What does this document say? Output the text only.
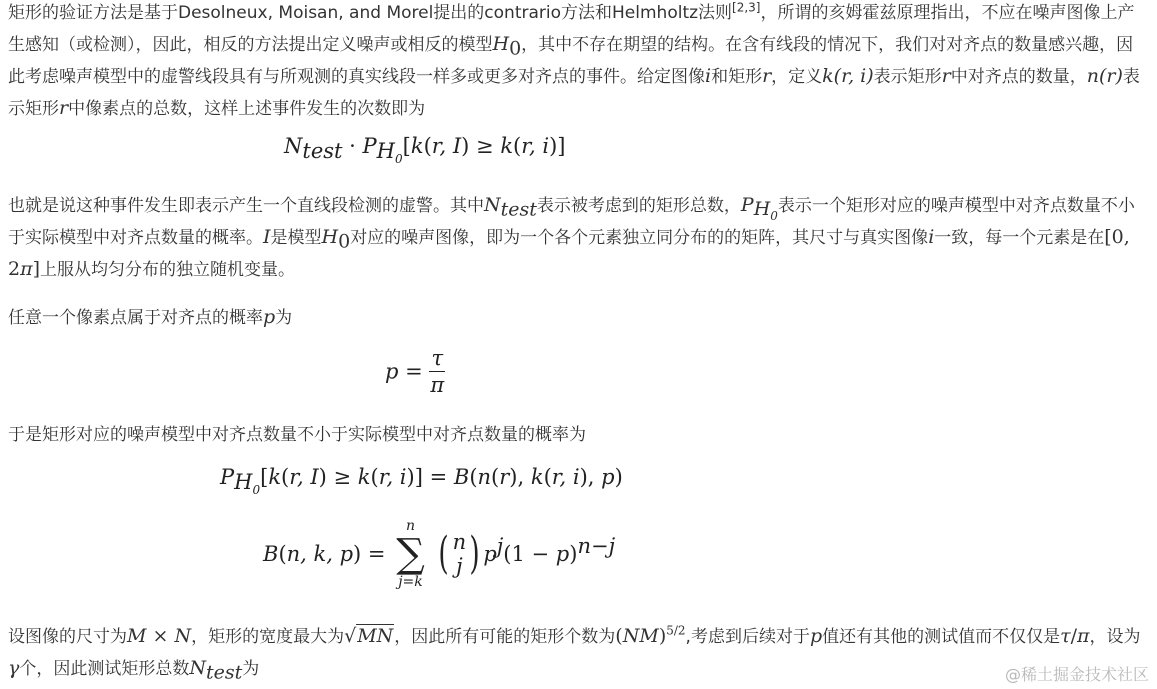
矩形的验证方法是基于Desolneux, Moisan, and Morel提出的contrario方法和Helmholtz法则[2,3]，所谓的亥姆霍兹原理指出，不应在噪声图像上产生感知（或检测），因此，相反的方法提出定义噪声或相反的模型$H_0$，其中不存在期望的结构。在含有线段的情况下，我们对对齐点的数量感兴趣，因此考虑噪声模型中的虚警线段具有与所观测的真实线段一样多或更多对齐点的事件。给定图像i和矩形r，定义k(r, i)表示矩形r中对齐点的数量，n(r)表示矩形r中像素点的总数，这样上述事件发生的次数即为

$N_{test} \cdot P_{H_0}[k(r$, I) ≥ k(r, i)]

也就是说这种事件发生即表示产生一个直线段检测的虚警。其中$N_{test}$表示被考虑到的矩形总数，$P_{H_0}$表示一个矩形对应的噪声模型中对齐点数量不小于实际模型中对齐点数量的概率。I是模型$H_0$对应的噪声图像，即为一个各个元素独立同分布的的矩阵，其尺寸与真实图像i一致，每一个元素是在[0, 2π]上服从均匀分布的独立随机变量。

任意一个像素点属于对齐点的概率p为

$p = \frac{\tau}{\pi}$

于是矩形对应的噪声模型中对齐点数量不小于实际模型中对齐点数量的概率为

$P_{H_0}[k(r$, I) ≥ k(r, i)] = B(n(r), k(r, i), p)
B(n, k, p) =
n
∑
j=k
( n
j ) $p^j(1 - p)^{n-j}$

设图像的尺寸为M × N，矩形的宽度最大为√MN，因此所有可能的矩形个数为(NM)$^{5/2}$,考虑到后续对于p值还有其他的测试值而不仅仅是τ/π，设为γ个，因此测试矩形总数$N_{test}$为	@稀土掘金技术社区
